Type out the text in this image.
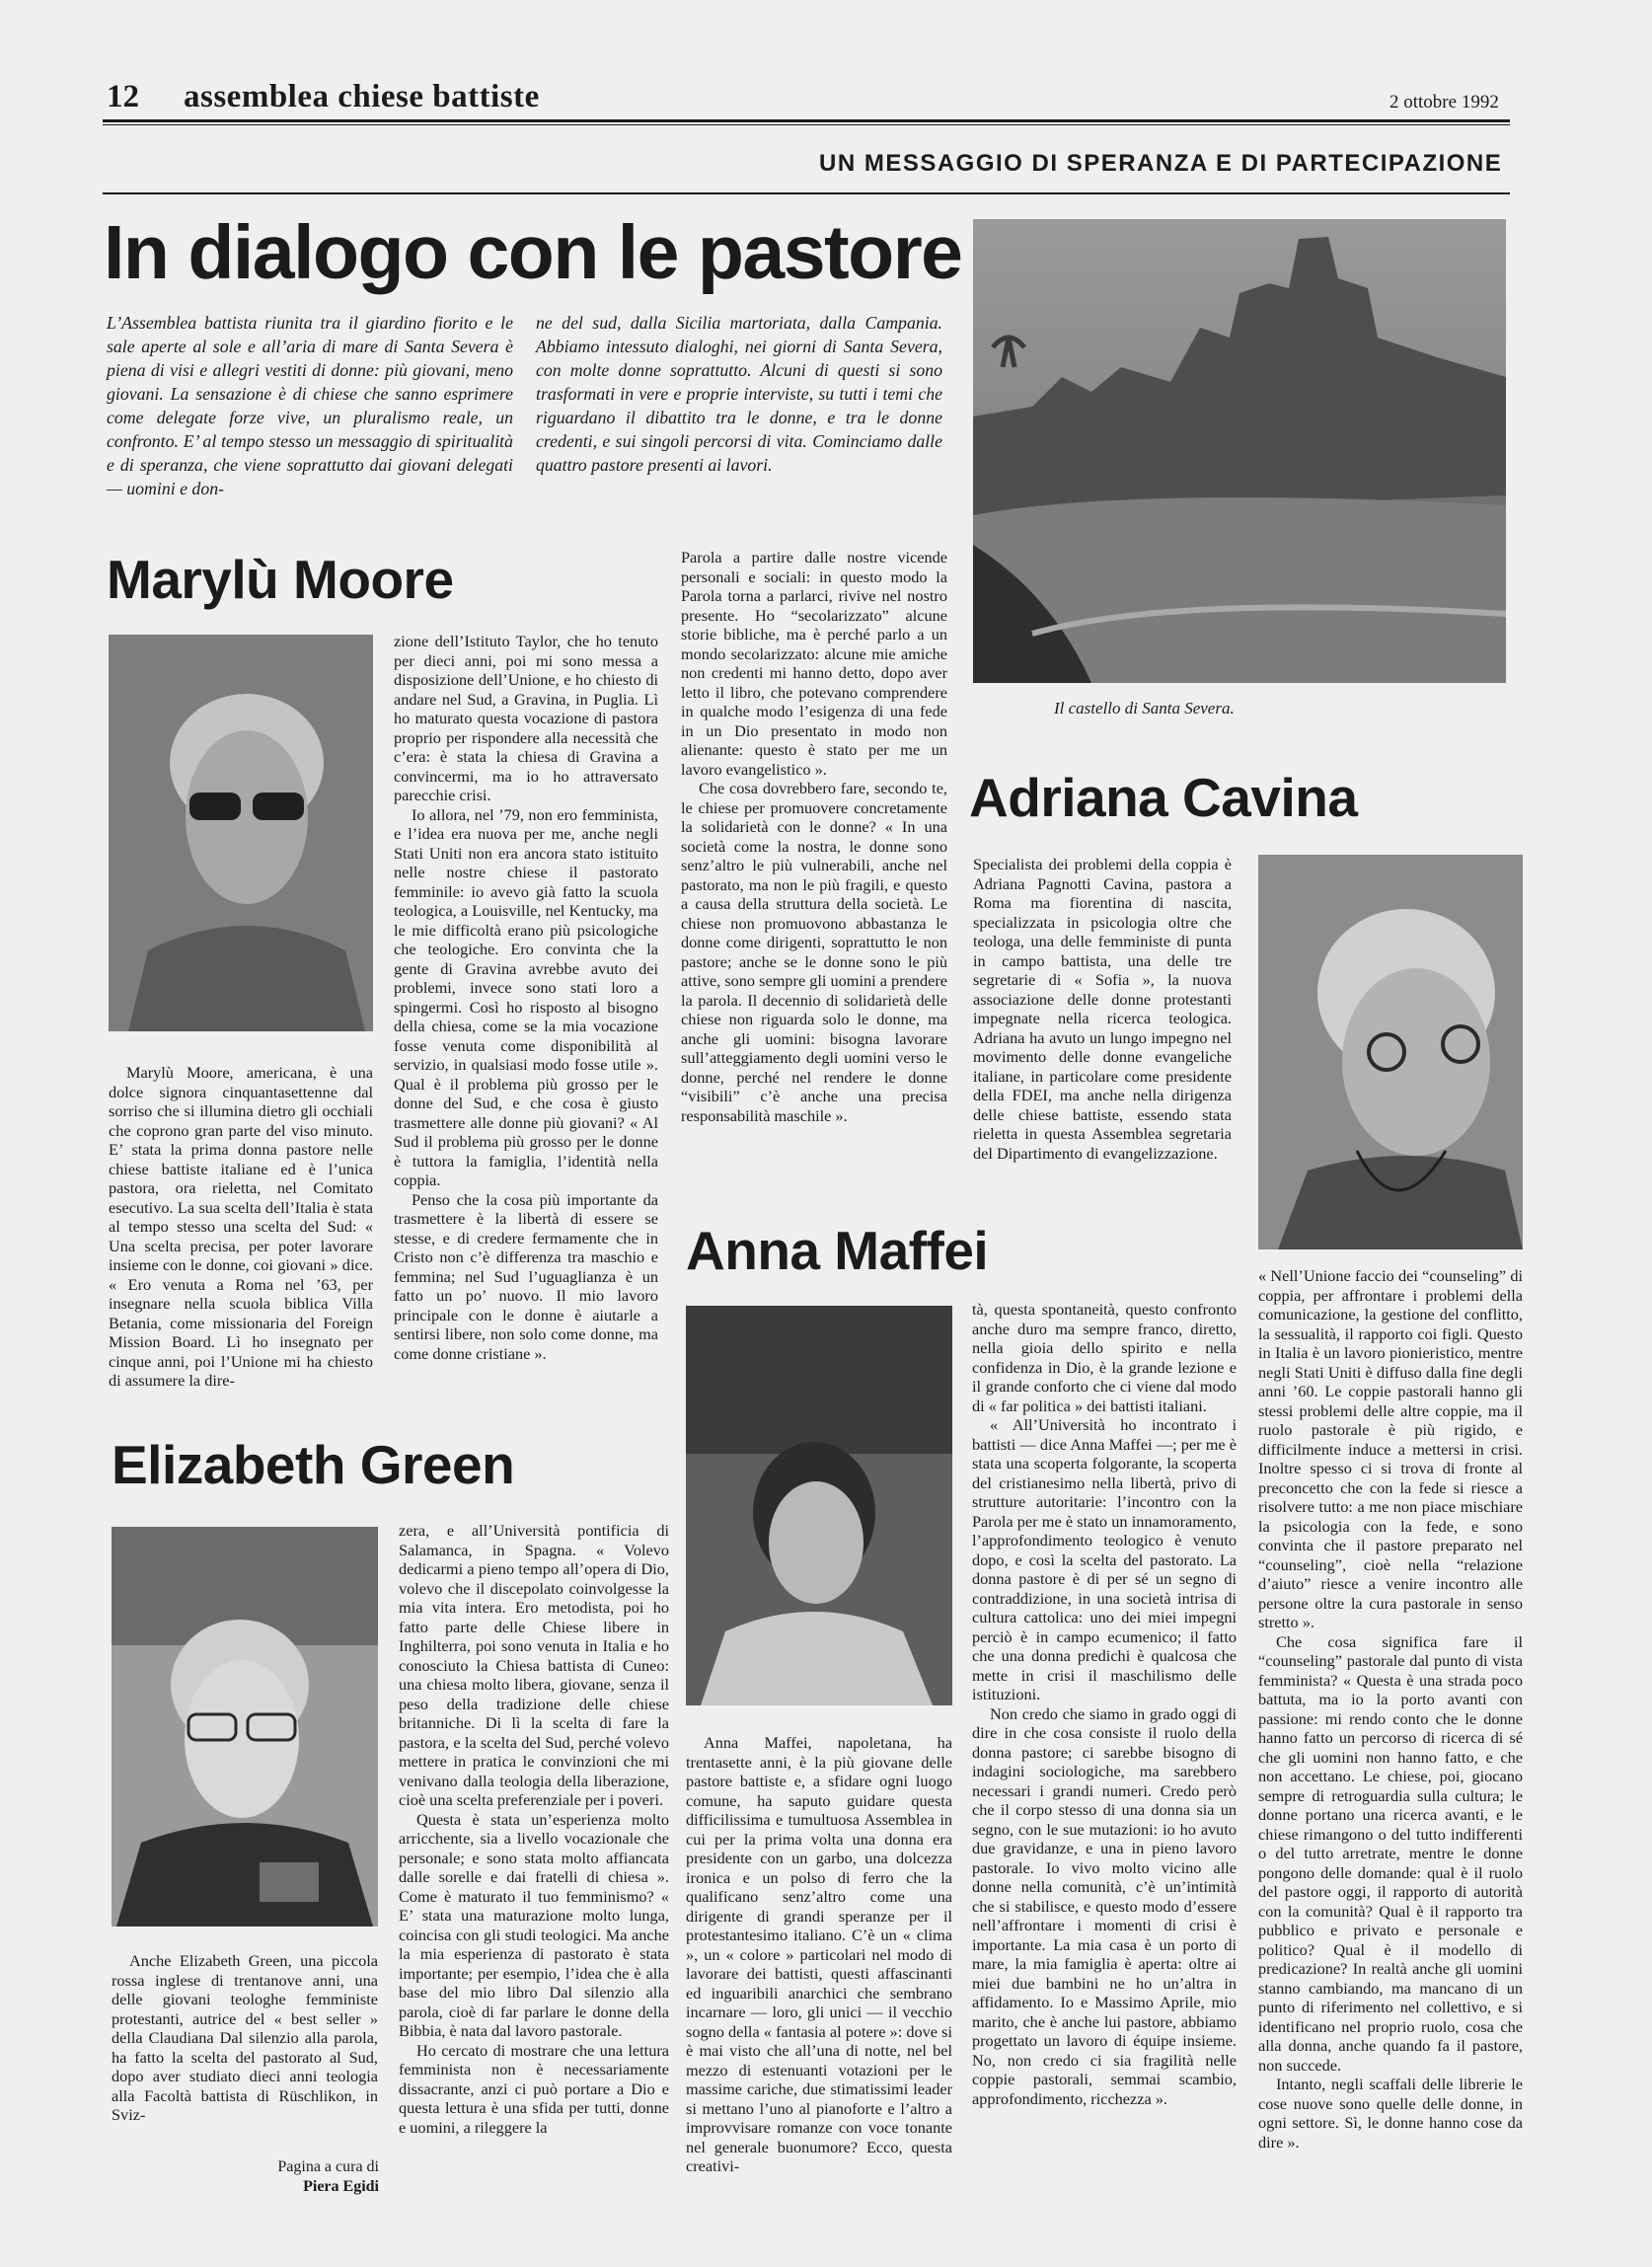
12 assemblea chiese battiste	2 ottobre 1992
UN MESSAGGIO DI SPERANZA E DI PARTECIPAZIONE
In dialogo con le pastore
L’Assemblea battista riunita tra il giardino fiorito e le sale aperte al sole e all’aria di mare di Santa Severa è piena di visi e allegri vestiti di donne: più giovani, meno giovani. La sensazione è di chiese che sanno esprimere come delegate forze vive, un pluralismo reale, un confronto. E’ al tempo stesso un messaggio di spiritualità e di speranza, che viene soprattutto dai giovani delegati — uomini e don-
ne del sud, dalla Sicilia martoriata, dalla Campania. Abbiamo intessuto dialoghi, nei giorni di Santa Severa, con molte donne soprattutto. Alcuni di questi si sono trasformati in vere e proprie interviste, su tutti i temi che riguardano il dibattito tra le donne, e tra le donne credenti, e sui singoli percorsi di vita. Cominciamo dalle quattro pastore presenti ai lavori.
Il castello di Santa Severa.
Marylù Moore

Marylù Moore, americana, è una dolce signora cinquantasettenne dal sorriso che si illumina dietro gli occhiali che coprono gran parte del viso minuto. E’ stata la prima donna pastore nelle chiese battiste italiane ed è l’unica pastora, ora rieletta, nel Comitato esecutivo. La sua scelta dell’Italia è stata al tempo stesso una scelta del Sud: « Una scelta precisa, per poter lavorare insieme con le donne, coi giovani » dice. « Ero venuta a Roma nel ’63, per insegnare nella scuola biblica Villa Betania, come missionaria del Foreign Mission Board. Lì ho insegnato per cinque anni, poi l’Unione mi ha chiesto di assumere la dire-

zione dell’Istituto Taylor, che ho tenuto per dieci anni, poi mi sono messa a disposizione dell’Unione, e ho chiesto di andare nel Sud, a Gravina, in Puglia. Lì ho maturato questa vocazione di pastora proprio per rispondere alla necessità che c’era: è stata la chiesa di Gravina a convincermi, ma io ho attraversato parecchie crisi.

Io allora, nel ’79, non ero femminista, e l’idea era nuova per me, anche negli Stati Uniti non era ancora stato istituito nelle nostre chiese il pastorato femminile: io avevo già fatto la scuola teologica, a Louisville, nel Kentucky, ma le mie difficoltà erano più psicologiche che teologiche. Ero convinta che la gente di Gravina avrebbe avuto dei problemi, invece sono stati loro a spingermi. Così ho risposto al bisogno della chiesa, come se la mia vocazione fosse venuta come disponibilità al servizio, in qualsiasi modo fosse utile ». Qual è il problema più grosso per le donne del Sud, e che cosa è giusto trasmettere alle donne più giovani? « Al Sud il problema più grosso per le donne è tuttora la famiglia, l’identità nella coppia.

Penso che la cosa più importante da trasmettere è la libertà di essere se stesse, e di credere fermamente che in Cristo non c’è differenza tra maschio e femmina; nel Sud l’uguaglianza è un fatto un po’ nuovo. Il mio lavoro principale con le donne è aiutarle a sentirsi libere, non solo come donne, ma come donne cristiane ».

Parola a partire dalle nostre vicende personali e sociali: in questo modo la Parola torna a parlarci, rivive nel nostro presente. Ho “secolarizzato” alcune storie bibliche, ma è perché parlo a un mondo secolarizzato: alcune mie amiche non credenti mi hanno detto, dopo aver letto il libro, che potevano comprendere in qualche modo l’esigenza di una fede in un Dio presentato in modo non alienante: questo è stato per me un lavoro evangelistico ».

Che cosa dovrebbero fare, secondo te, le chiese per promuovere concretamente la solidarietà con le donne? « In una società come la nostra, le donne sono senz’altro le più vulnerabili, anche nel pastorato, ma non le più fragili, e questo a causa della struttura della società. Le chiese non promuovono abbastanza le donne come dirigenti, soprattutto le non pastore; anche se le donne sono le più attive, sono sempre gli uomini a prendere la parola. Il decennio di solidarietà delle chiese non riguarda solo le donne, ma anche gli uomini: bisogna lavorare sull’atteggiamento degli uomini verso le donne, perché nel rendere le donne “visibili” c’è anche una precisa responsabilità maschile ».

Adriana Cavina

Specialista dei problemi della coppia è Adriana Pagnotti Cavina, pastora a Roma ma fiorentina di nascita, specializzata in psicologia oltre che teologa, una delle femministe di punta in campo battista, una delle tre segretarie di « Sofia », la nuova associazione delle donne protestanti impegnate nella ricerca teologica. Adriana ha avuto un lungo impegno nel movimento delle donne evangeliche italiane, in particolare come presidente della FDEI, ma anche nella dirigenza delle chiese battiste, essendo stata rieletta in questa Assemblea segretaria del Dipartimento di evangelizzazione.

« Nell’Unione faccio dei “counseling” di coppia, per affrontare i problemi della comunicazione, la gestione del conflitto, la sessualità, il rapporto coi figli. Questo in Italia è un lavoro pionieristico, mentre negli Stati Uniti è diffuso dalla fine degli anni ’60. Le coppie pastorali hanno gli stessi problemi delle altre coppie, ma il ruolo pastorale è più rigido, e difficilmente inducе a mettersi in crisi. Inoltre spesso ci si trova di fronte al preconcetto che con la fede si riesce a risolvere tutto: a me non piace mischiare la psicologia con la fede, e sono convinta che il pastore preparato nel “counseling”, cioè nella “relazione d’aiuto” riesce a venire incontro alle persone oltre la cura pastorale in senso stretto ».

Che cosa significa fare il “counseling” pastorale dal punto di vista femminista? « Questa è una strada poco battuta, ma io la porto avanti con passione: mi rendo conto che le donne hanno fatto un percorso di ricerca di sé che gli uomini non hanno fatto, e che non accettano. Le chiese, poi, giocano sempre di retroguardia sulla cultura; le donne portano una ricerca avanti, e le chiese rimangono o del tutto indifferenti o del tutto arretrate, mentre le donne pongono delle domande: qual è il ruolo del pastore oggi, il rapporto di autorità con la comunità? Qual è il rapporto tra pubblico e privato e personale e politico? Qual è il modello di predicazione? In realtà anche gli uomini stanno cambiando, ma mancano di un punto di riferimento nel collettivo, e si identificano nel proprio ruolo, cosa che alla donna, anche quando fa il pastore, non succede.

Intanto, negli scaffali delle librerie le cose nuove sono quelle delle donne, in ogni settore. Sì, le donne hanno cose da dire ».

Anna Maffei

Anna Maffei, napoletana, ha trentasette anni, è la più giovane delle pastore battiste e, a sfidare ogni luogo comune, ha saputo guidare questa difficilissima e tumultuosa Assemblea in cui per la prima volta una donna era presidente con un garbo, una dolcezza ironica e un polso di ferro che la qualificano senz’altro come una dirigente di grandi speranze per il protestantesimo italiano. C’è un « clima », un « colore » particolari nel modo di lavorare dei battisti, questi affascinanti ed inguaribili anarchici che sembrano incarnare — loro, gli unici — il vecchio sogno della « fantasia al potere »: dove si è mai visto che all’una di notte, nel bel mezzo di estenuanti votazioni per le massime cariche, due stimatissimi leader si mettano l’uno al pianoforte e l’altro a improvvisare romanze con voce tonante nel generale buonumore? Ecco, questa creativi-

tà, questa spontaneità, questo confronto anche duro ma sempre franco, diretto, nella gioia dello spirito e nella confidenza in Dio, è la grande lezione e il grande conforto che ci viene dal modo di « far politica » dei battisti italiani.

« All’Università ho incontrato i battisti — dice Anna Maffei —; per me è stata una scoperta folgorante, la scoperta del cristianesimo nella libertà, privo di strutture autoritarie: l’incontro con la Parola per me è stato un innamoramento, l’approfondimento teologico è venuto dopo, e così la scelta del pastorato. La donna pastore è di per sé un segno di contraddizione, in una società intrisa di cultura cattolica: uno dei miei impegni perciò è in campo ecumenico; il fatto che una donna predichi è qualcosa che mette in crisi il maschilismo delle istituzioni.

Non credo che siamo in grado oggi di dire in che cosa consiste il ruolo della donna pastore; ci sarebbe bisogno di indagini sociologiche, ma sarebbero necessari i grandi numeri. Credo però che il corpo stesso di una donna sia un segno, con le sue mutazioni: io ho avuto due gravidanze, e una in pieno lavoro pastorale. Io vivo molto vicino alle donne nella comunità, c’è un’intimità che si stabilisce, e questo modo d’essere nell’affrontare i momenti di crisi è importante. La mia casa è un porto di mare, la mia famiglia è aperta: oltre ai miei due bambini ne ho un’altra in affidamento. Io e Massimo Aprile, mio marito, che è anche lui pastore, abbiamo progettato un lavoro di équipe insieme. No, non credo ci sia fragilità nelle coppie pastorali, semmai scambio, approfondimento, ricchezza ».

Elizabeth Green

Anche Elizabeth Green, una piccola rossa inglese di trentanove anni, una delle giovani teologhe femministe protestanti, autrice del « best seller » della Claudiana Dal silenzio alla parola, ha fatto la scelta del pastorato al Sud, dopo aver studiato dieci anni teologia alla Facoltà battista di Rüschlikon, in Sviz-

zera, e all’Università pontificia di Salamanca, in Spagna. « Volevo dedicarmi a pieno tempo all’opera di Dio, volevo che il discepolato coinvolgesse la mia vita intera. Ero metodista, poi ho fatto parte delle Chiese libere in Inghilterra, poi sono venuta in Italia e ho conosciuto la Chiesa battista di Cuneo: una chiesa molto libera, giovane, senza il peso della tradizione delle chiese britanniche. Di lì la scelta di fare la pastora, e la scelta del Sud, perché volevo mettere in pratica le convinzioni che mi venivano dalla teologia della liberazione, cioè una scelta preferenziale per i poveri.

Questa è stata un’esperienza molto arricchente, sia a livello vocazionale che personale; e sono stata molto affiancata dalle sorelle e dai fratelli di chiesa ». Come è maturato il tuo femminismo? « E’ stata una maturazione molto lunga, coincisa con gli studi teologici. Ma anche la mia esperienza di pastorato è stata importante; per esempio, l’idea che è alla base del mio libro Dal silenzio alla parola, cioè di far parlare le donne della Bibbia, è nata dal lavoro pastorale.

Ho cercato di mostrare che una lettura femminista non è necessariamente dissacrante, anzi ci può portare a Dio e questa lettura è una sfida per tutti, donne e uomini, a rileggere la

Pagina a cura di
Piera Egidi
